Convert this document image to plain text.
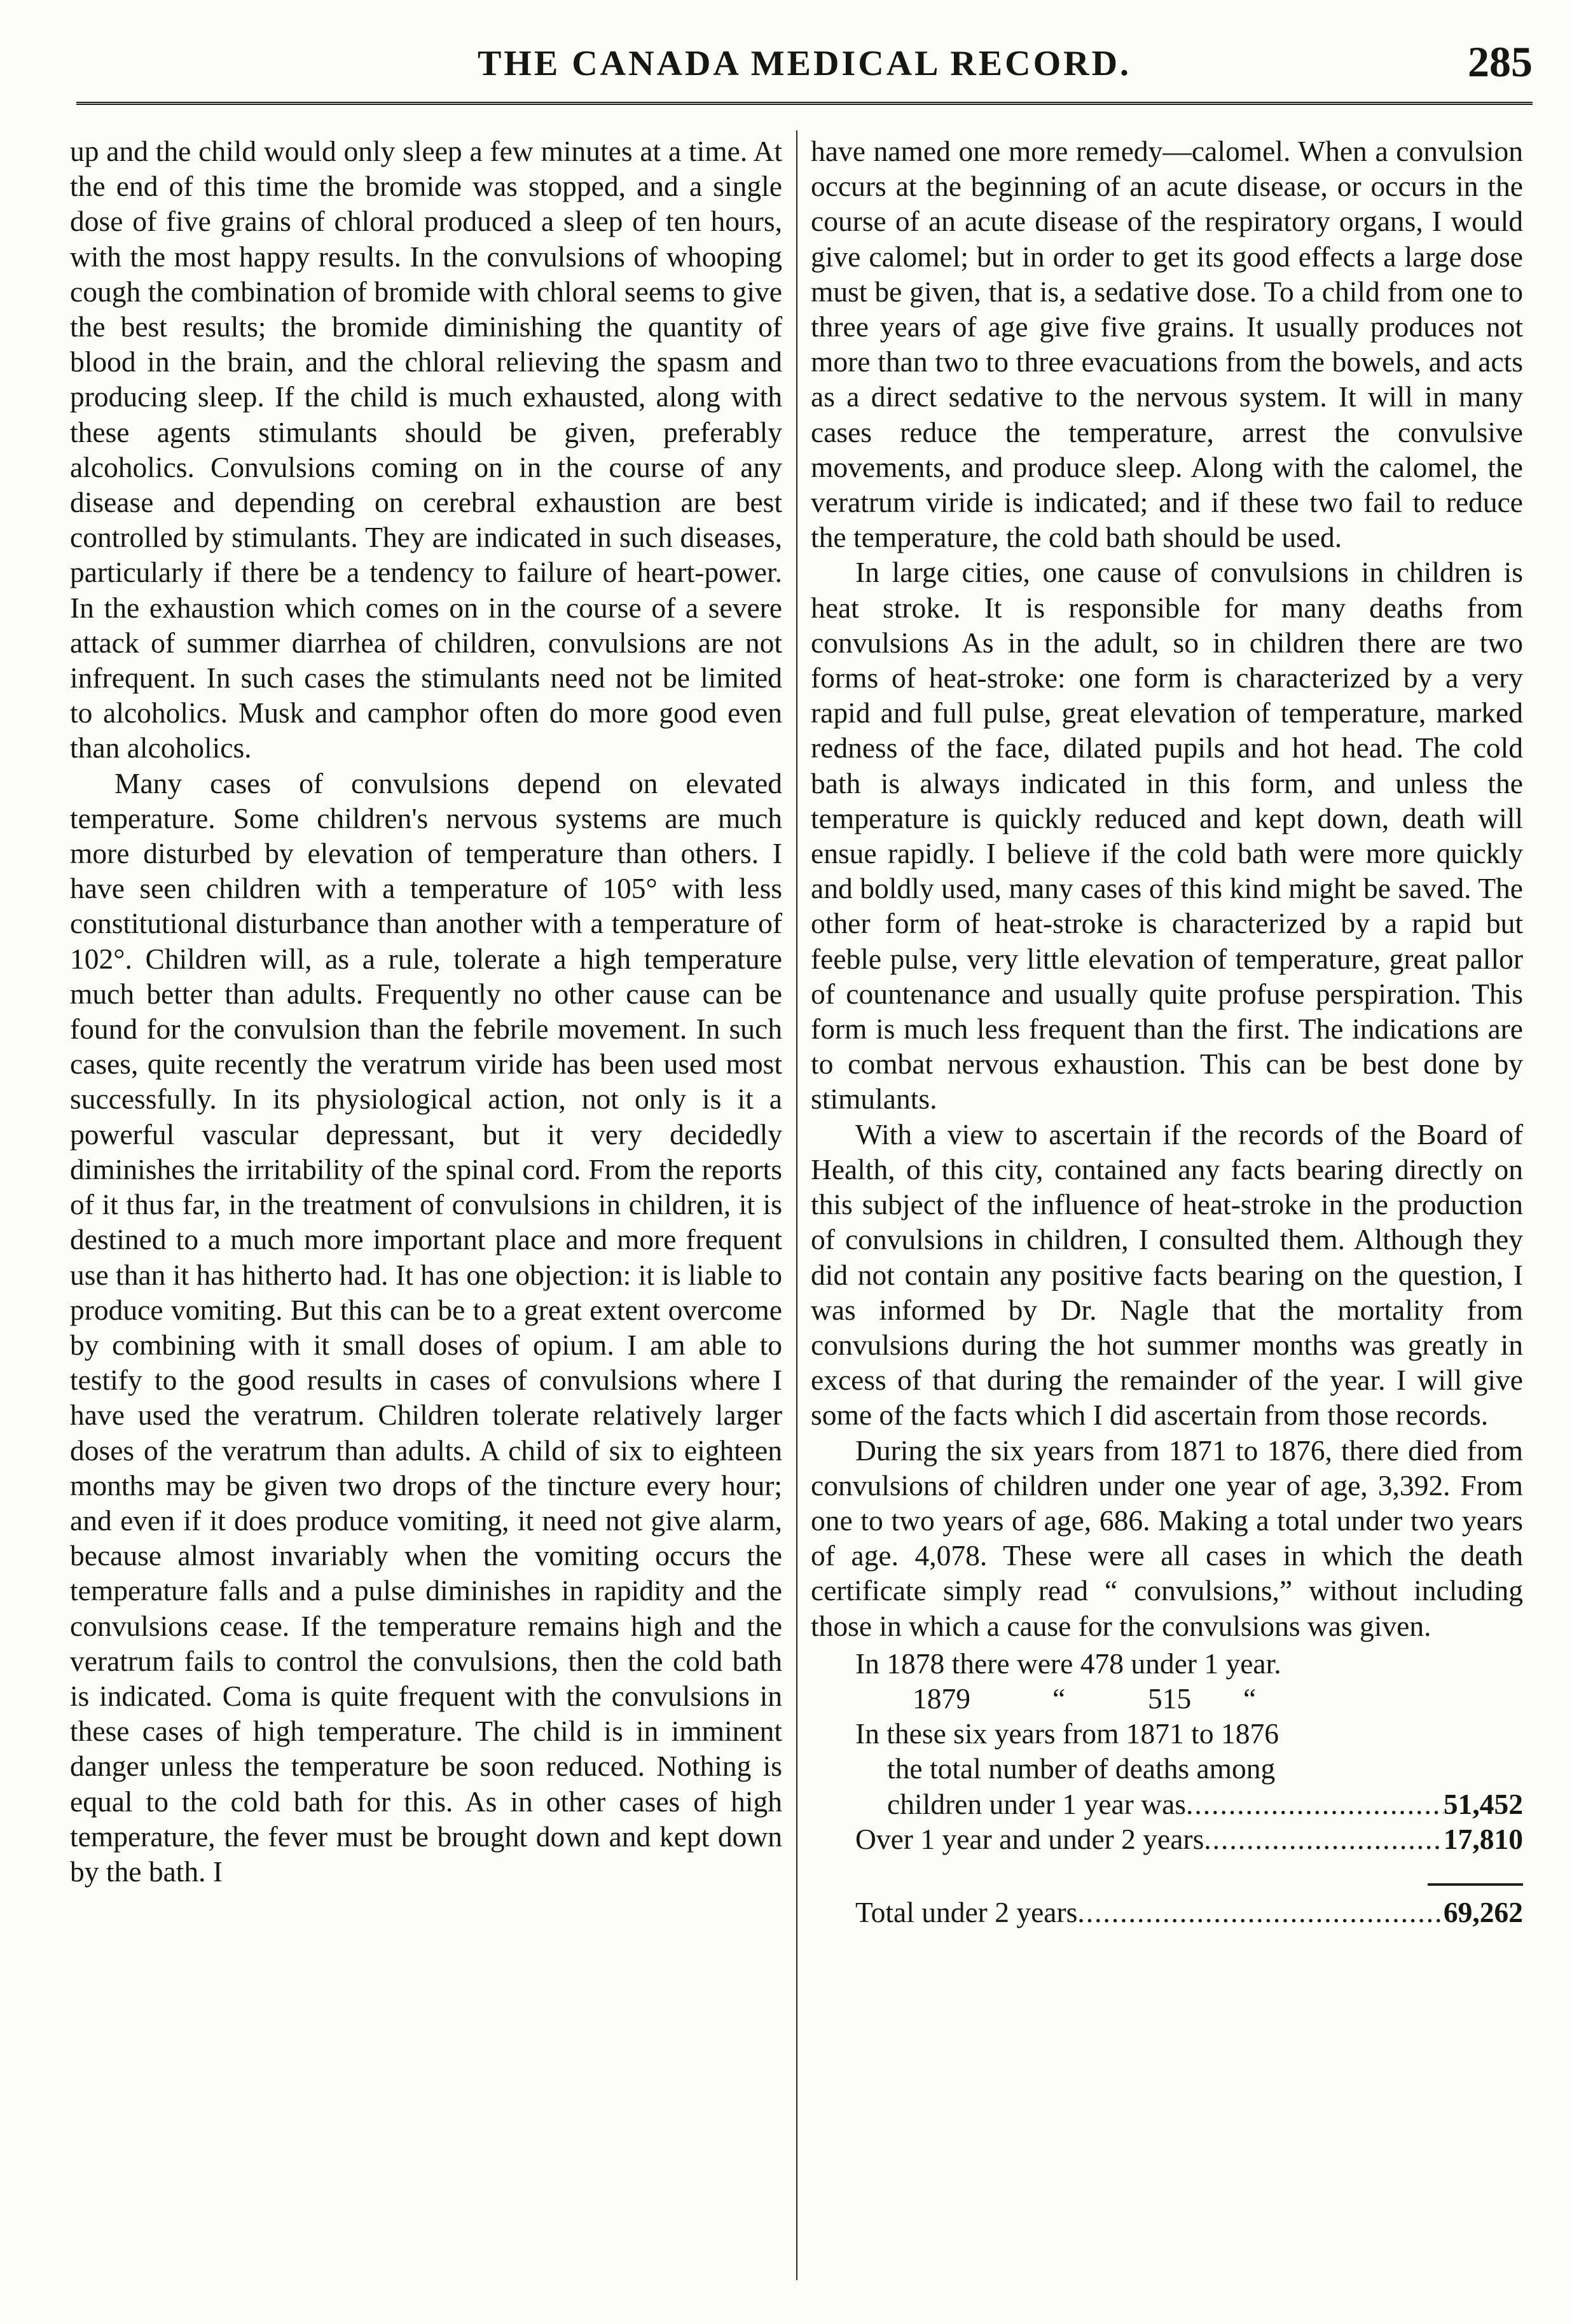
THE CANADA MEDICAL RECORD.	285

up and the child would only sleep a few minutes at a time. At the end of this time the bromide was stopped, and a single dose of five grains of chloral produced a sleep of ten hours, with the most happy results. In the convulsions of whooping cough the combination of bromide with chloral seems to give the best results; the bromide diminishing the quantity of blood in the brain, and the chloral relieving the spasm and producing sleep. If the child is much exhausted, along with these agents stimulants should be given, preferably alcoholics. Convulsions coming on in the course of any disease and depending on cerebral exhaustion are best controlled by stimulants. They are indicated in such diseases, particularly if there be a tendency to failure of heart-power. In the exhaustion which comes on in the course of a severe attack of summer diarrhea of children, convulsions are not infrequent. In such cases the stimulants need not be limited to alcoholics. Musk and camphor often do more good even than alcoholics.

Many cases of convulsions depend on elevated temperature. Some children's nervous systems are much more disturbed by elevation of temperature than others. I have seen children with a temperature of 105° with less constitutional disturbance than another with a temperature of 102°. Children will, as a rule, tolerate a high temperature much better than adults. Frequently no other cause can be found for the convulsion than the febrile movement. In such cases, quite recently the veratrum viride has been used most successfully. In its physiological action, not only is it a powerful vascular depressant, but it very decidedly diminishes the irritability of the spinal cord. From the reports of it thus far, in the treatment of convulsions in children, it is destined to a much more important place and more frequent use than it has hitherto had. It has one objection: it is liable to produce vomiting. But this can be to a great extent overcome by combining with it small doses of opium. I am able to testify to the good results in cases of convulsions where I have used the veratrum. Children tolerate relatively larger doses of the veratrum than adults. A child of six to eighteen months may be given two drops of the tincture every hour; and even if it does produce vomiting, it need not give alarm, because almost invariably when the vomiting occurs the temperature falls and a pulse diminishes in rapidity and the convulsions cease. If the temperature remains high and the veratrum fails to control the convulsions, then the cold bath is indicated. Coma is quite frequent with the convulsions in these cases of high temperature. The child is in imminent danger unless the temperature be soon reduced. Nothing is equal to the cold bath for this. As in other cases of high temperature, the fever must be brought down and kept down by the bath. I

have named one more remedy—calomel. When a convulsion occurs at the beginning of an acute disease, or occurs in the course of an acute disease of the respiratory organs, I would give calomel; but in order to get its good effects a large dose must be given, that is, a sedative dose. To a child from one to three years of age give five grains. It usually produces not more than two to three evacuations from the bowels, and acts as a direct sedative to the nervous system. It will in many cases reduce the temperature, arrest the convulsive movements, and produce sleep. Along with the calomel, the veratrum viride is indicated; and if these two fail to reduce the temperature, the cold bath should be used.

In large cities, one cause of convulsions in children is heat stroke. It is responsible for many deaths from convulsions As in the adult, so in children there are two forms of heat-stroke: one form is characterized by a very rapid and full pulse, great elevation of temperature, marked redness of the face, dilated pupils and hot head. The cold bath is always indicated in this form, and unless the temperature is quickly reduced and kept down, death will ensue rapidly. I believe if the cold bath were more quickly and boldly used, many cases of this kind might be saved. The other form of heat-stroke is characterized by a rapid but feeble pulse, very little elevation of temperature, great pallor of countenance and usually quite profuse perspiration. This form is much less frequent than the first. The indications are to combat nervous exhaustion. This can be best done by stimulants.

With a view to ascertain if the records of the Board of Health, of this city, contained any facts bearing directly on this subject of the influence of heat-stroke in the production of convulsions in children, I consulted them. Although they did not contain any positive facts bearing on the question, I was informed by Dr. Nagle that the mortality from convulsions during the hot summer months was greatly in excess of that during the remainder of the year. I will give some of the facts which I did ascertain from those records.

During the six years from 1871 to 1876, there died from convulsions of children under one year of age, 3,392. From one to two years of age, 686. Making a total under two years of age. 4,078. These were all cases in which the death certificate simply read “ convulsions,” without including those in which a cause for the convulsions was given.

In 1878 there were 478 under 1 year.
1879	“	515	“
In these six years from 1871 to 1876
the total number of deaths among
children under 1 year was .....	51,452
Over 1 year and under 2 years .....	17,810
Total under 2 years .....	69,262
